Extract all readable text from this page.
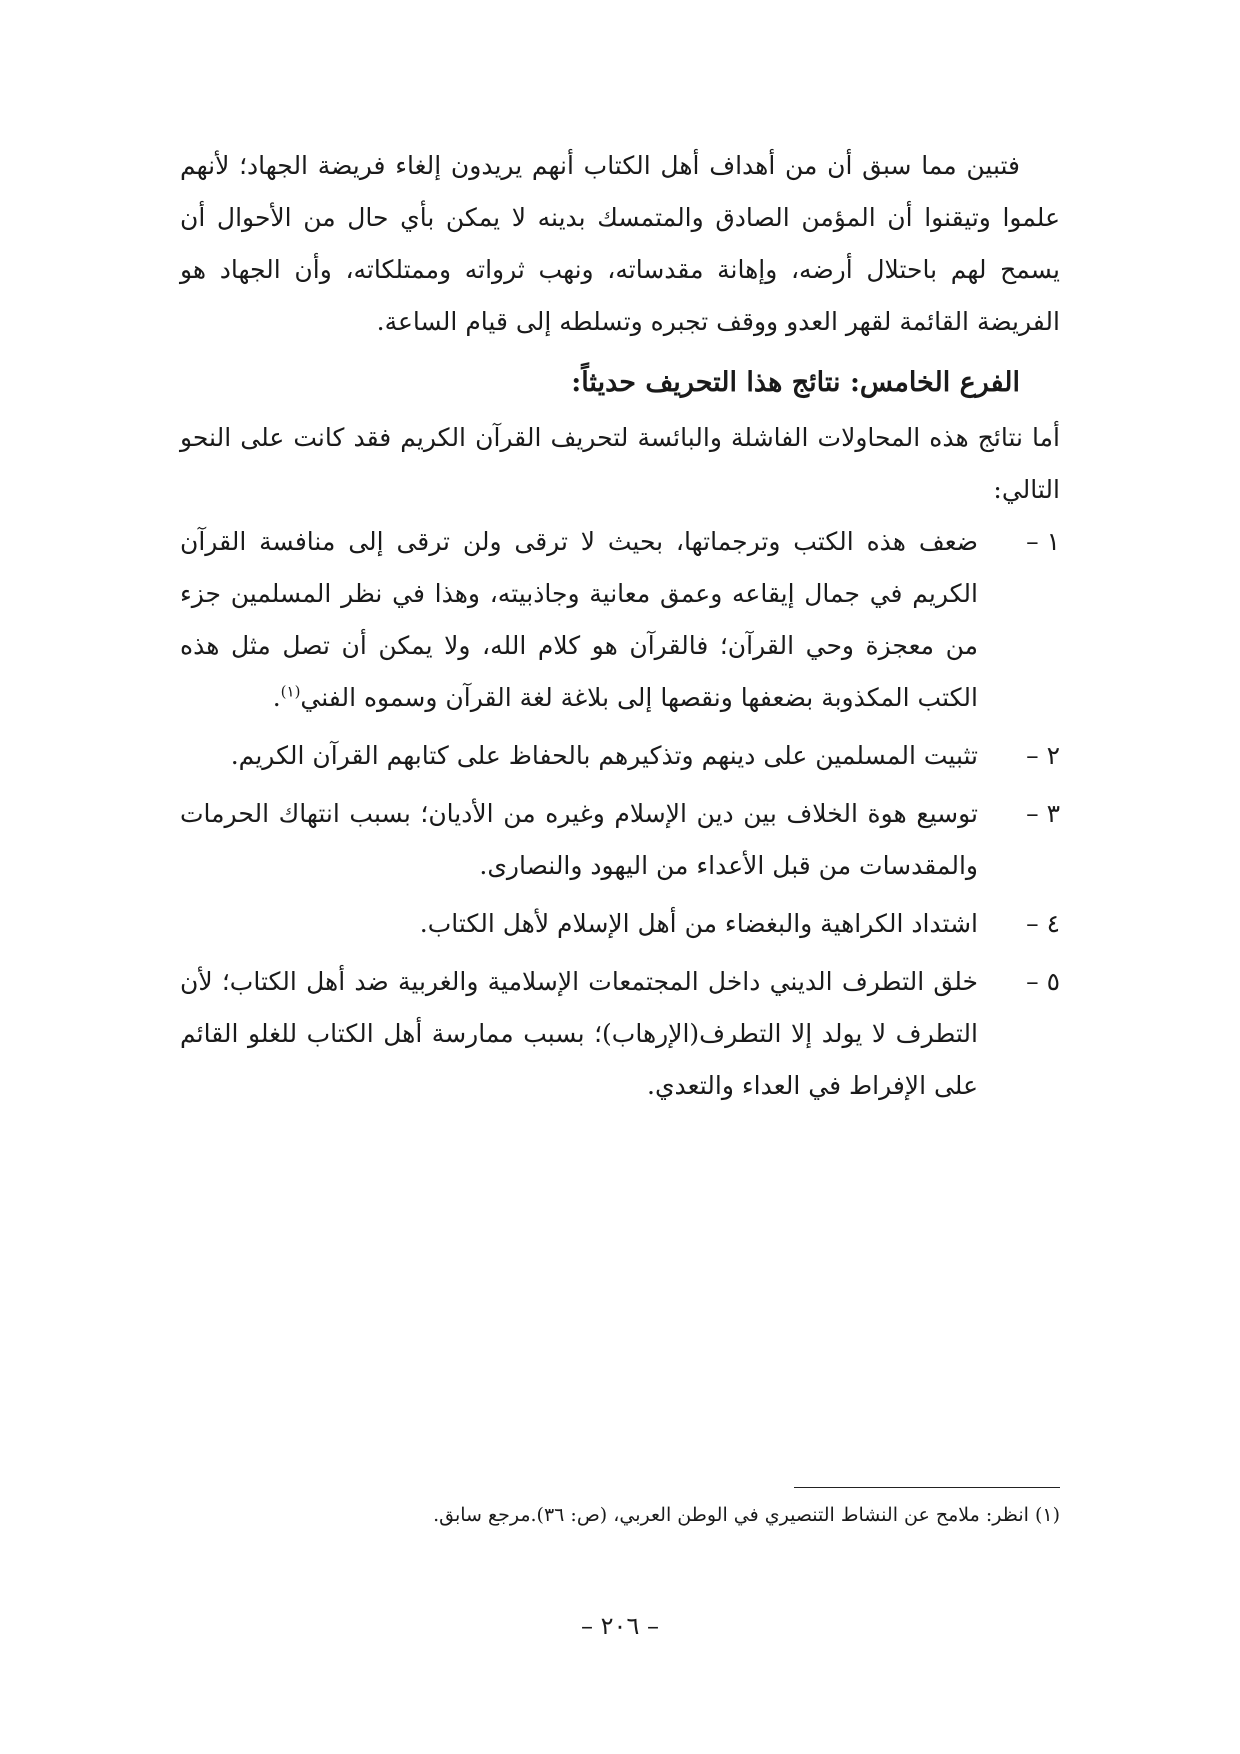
فتبين مما سبق أن من أهداف أهل الكتاب أنهم يريدون إلغاء فريضة الجهاد؛ لأنهم علموا وتيقنوا أن المؤمن الصادق والمتمسك بدينه لا يمكن بأي حال من الأحوال أن يسمح لهم باحتلال أرضه، وإهانة مقدساته، ونهب ثرواته وممتلكاته، وأن الجهاد هو الفريضة القائمة لقهر العدو ووقف تجبره وتسلطه إلى قيام الساعة.

الفرع الخامس: نتائج هذا التحريف حديثاً:

أما نتائج هذه المحاولات الفاشلة والبائسة لتحريف القرآن الكريم فقد كانت على النحو التالي:

١ –
ضعف هذه الكتب وترجماتها، بحيث لا ترقى ولن ترقى إلى منافسة القرآن الكريم في جمال إيقاعه وعمق معانية وجاذبيته، وهذا في نظر المسلمين جزء من معجزة وحي القرآن؛ فالقرآن هو كلام الله، ولا يمكن أن تصل مثل هذه الكتب المكذوبة بضعفها ونقصها إلى بلاغة لغة القرآن وسموه الفني$^{(١)}$.
٢ –
تثبيت المسلمين على دينهم وتذكيرهم بالحفاظ على كتابهم القرآن الكريم.
٣ –
توسيع هوة الخلاف بين دين الإسلام وغيره من الأديان؛ بسبب انتهاك الحرمات والمقدسات من قبل الأعداء من اليهود والنصارى.
٤ –
اشتداد الكراهية والبغضاء من أهل الإسلام لأهل الكتاب.
٥ –
خلق التطرف الديني داخل المجتمعات الإسلامية والغربية ضد أهل الكتاب؛ لأن التطرف لا يولد إلا التطرف(الإرهاب)؛ بسبب ممارسة أهل الكتاب للغلو القائم على الإفراط في العداء والتعدي.
(١) انظر: ملامح عن النشاط التنصيري في الوطن العربي، (ص: ٣٦).مرجع سابق.
– ٢٠٦ –
